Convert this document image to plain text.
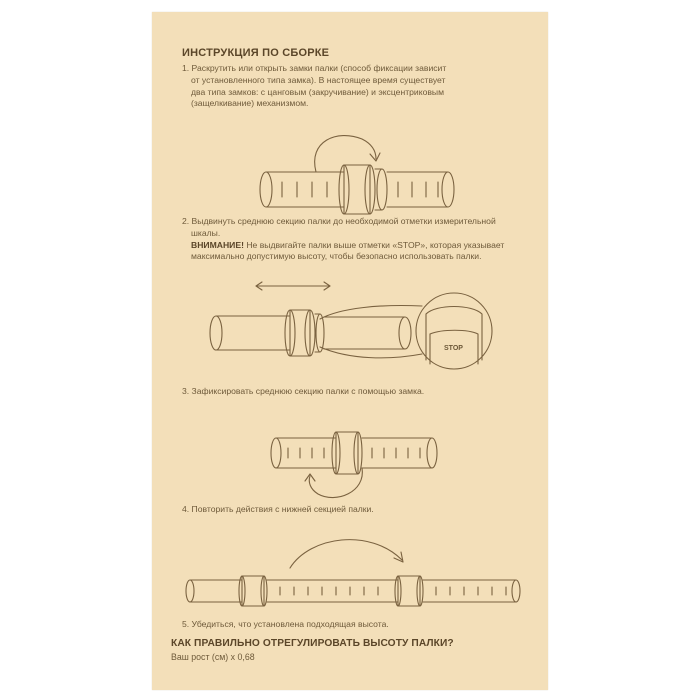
ИНСТРУКЦИЯ ПО СБОРКЕ
1. Раскрутить или открыть замки палки (способ фиксации зависит
от установленного типа замка). В настоящее время существует
два типа замков: с цанговым (закручивание) и эксцентриковым
(защелкивание) механизмом.
2. Выдвинуть среднюю секцию палки до необходимой отметки измерительной
шкалы.
ВНИМАНИЕ! Не выдвигайте палки выше отметки «STOP», которая указывает
максимально допустимую высоту, чтобы безопасно использовать палки.
STOP
3. Зафиксировать среднюю секцию палки с помощью замка.
4. Повторить действия с нижней секцией палки.
5. Убедиться, что установлена подходящая высота.
КАК ПРАВИЛЬНО ОТРЕГУЛИРОВАТЬ ВЫСОТУ ПАЛКИ?
Ваш рост (см) х 0,68
